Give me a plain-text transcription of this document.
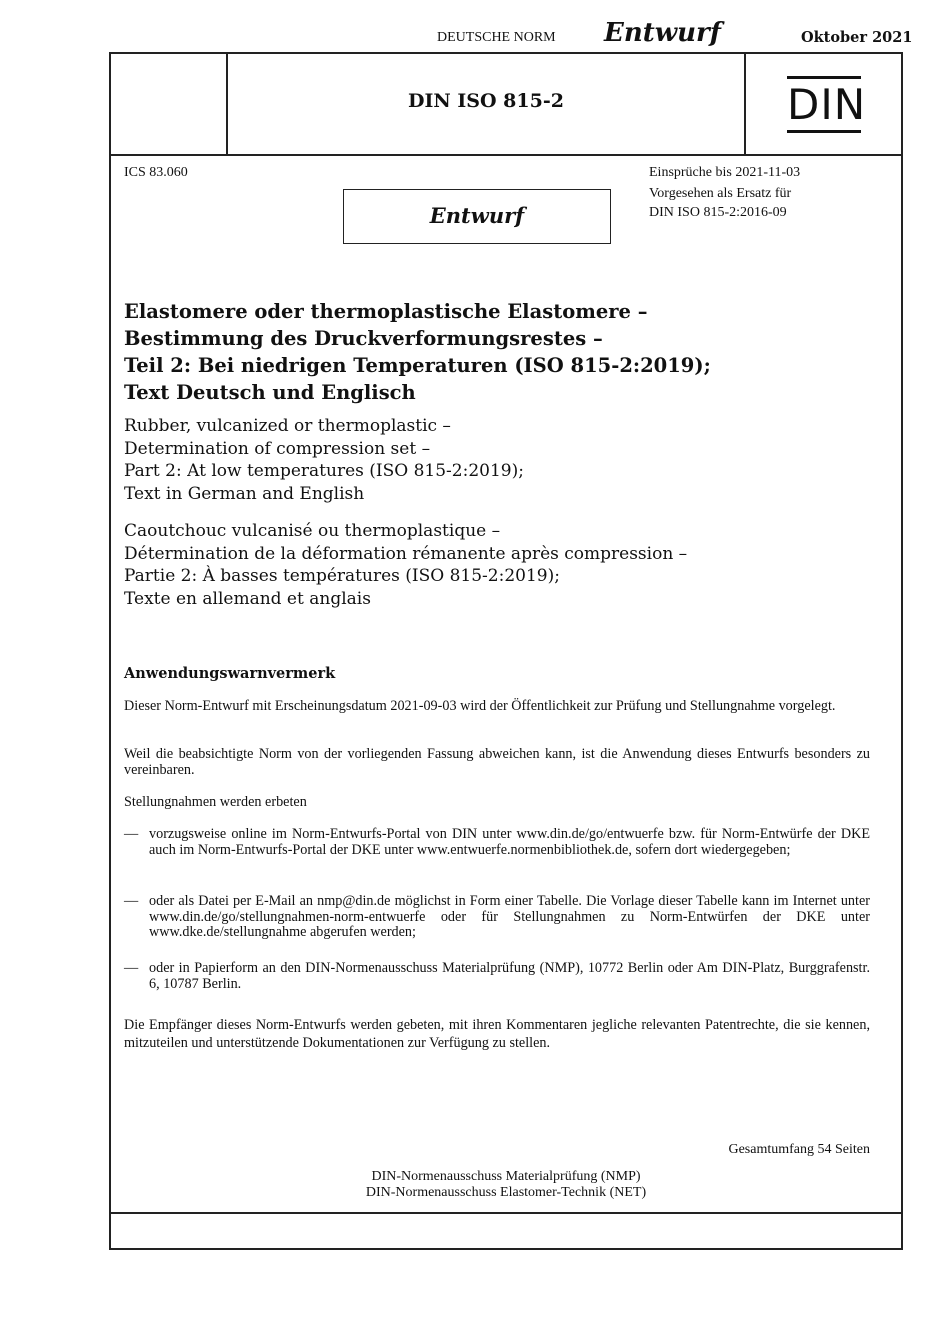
DEUTSCHE NORM Entwurf	Oktober 2021
DIN ISO 815-2	DIN
ICS 83.060	Einsprüche bis 2021-11-03
Vorgesehen als Ersatz für
DIN ISO 815-2:2016-09
Entwurf
Elastomere oder thermoplastische Elastomere –
Bestimmung des Druckverformungsrestes –
Teil 2: Bei niedrigen Temperaturen (ISO 815-2:2019);
Text Deutsch und Englisch
Rubber, vulcanized or thermoplastic –
Determination of compression set –
Part 2: At low temperatures (ISO 815-2:2019);
Text in German and English
Caoutchouc vulcanisé ou thermoplastique –
Détermination de la déformation rémanente après compression –
Partie 2: À basses températures (ISO 815-2:2019);
Texte en allemand et anglais
Anwendungswarnvermerk
Dieser Norm-Entwurf mit Erscheinungsdatum 2021-09-03 wird der Öffentlichkeit zur Prüfung und Stellungnahme vorgelegt.
Weil die beabsichtigte Norm von der vorliegenden Fassung abweichen kann, ist die Anwendung dieses Entwurfs besonders zu vereinbaren.
Stellungnahmen werden erbeten
— vorzugsweise online im Norm-Entwurfs-Portal von DIN unter www.din.de/go/entwuerfe bzw. für Norm-Entwürfe der DKE auch im Norm-Entwurfs-Portal der DKE unter www.entwuerfe.normenbibliothek.de, sofern dort wiedergegeben;
— oder als Datei per E-Mail an nmp@din.de möglichst in Form einer Tabelle. Die Vorlage dieser Tabelle kann im Internet unter www.din.de/go/stellungnahmen-norm-entwuerfe oder für Stellungnahmen zu Norm-Entwürfen der DKE unter www.dke.de/stellungnahme abgerufen werden;
— oder in Papierform an den DIN-Normenausschuss Materialprüfung (NMP), 10772 Berlin oder Am DIN-Platz, Burggrafenstr. 6, 10787 Berlin.
Die Empfänger dieses Norm-Entwurfs werden gebeten, mit ihren Kommentaren jegliche relevanten Patentrechte, die sie kennen, mitzuteilen und unterstützende Dokumentationen zur Verfügung zu stellen.
Gesamtumfang 54 Seiten
DIN-Normenausschuss Materialprüfung (NMP)
DIN-Normenausschuss Elastomer-Technik (NET)
